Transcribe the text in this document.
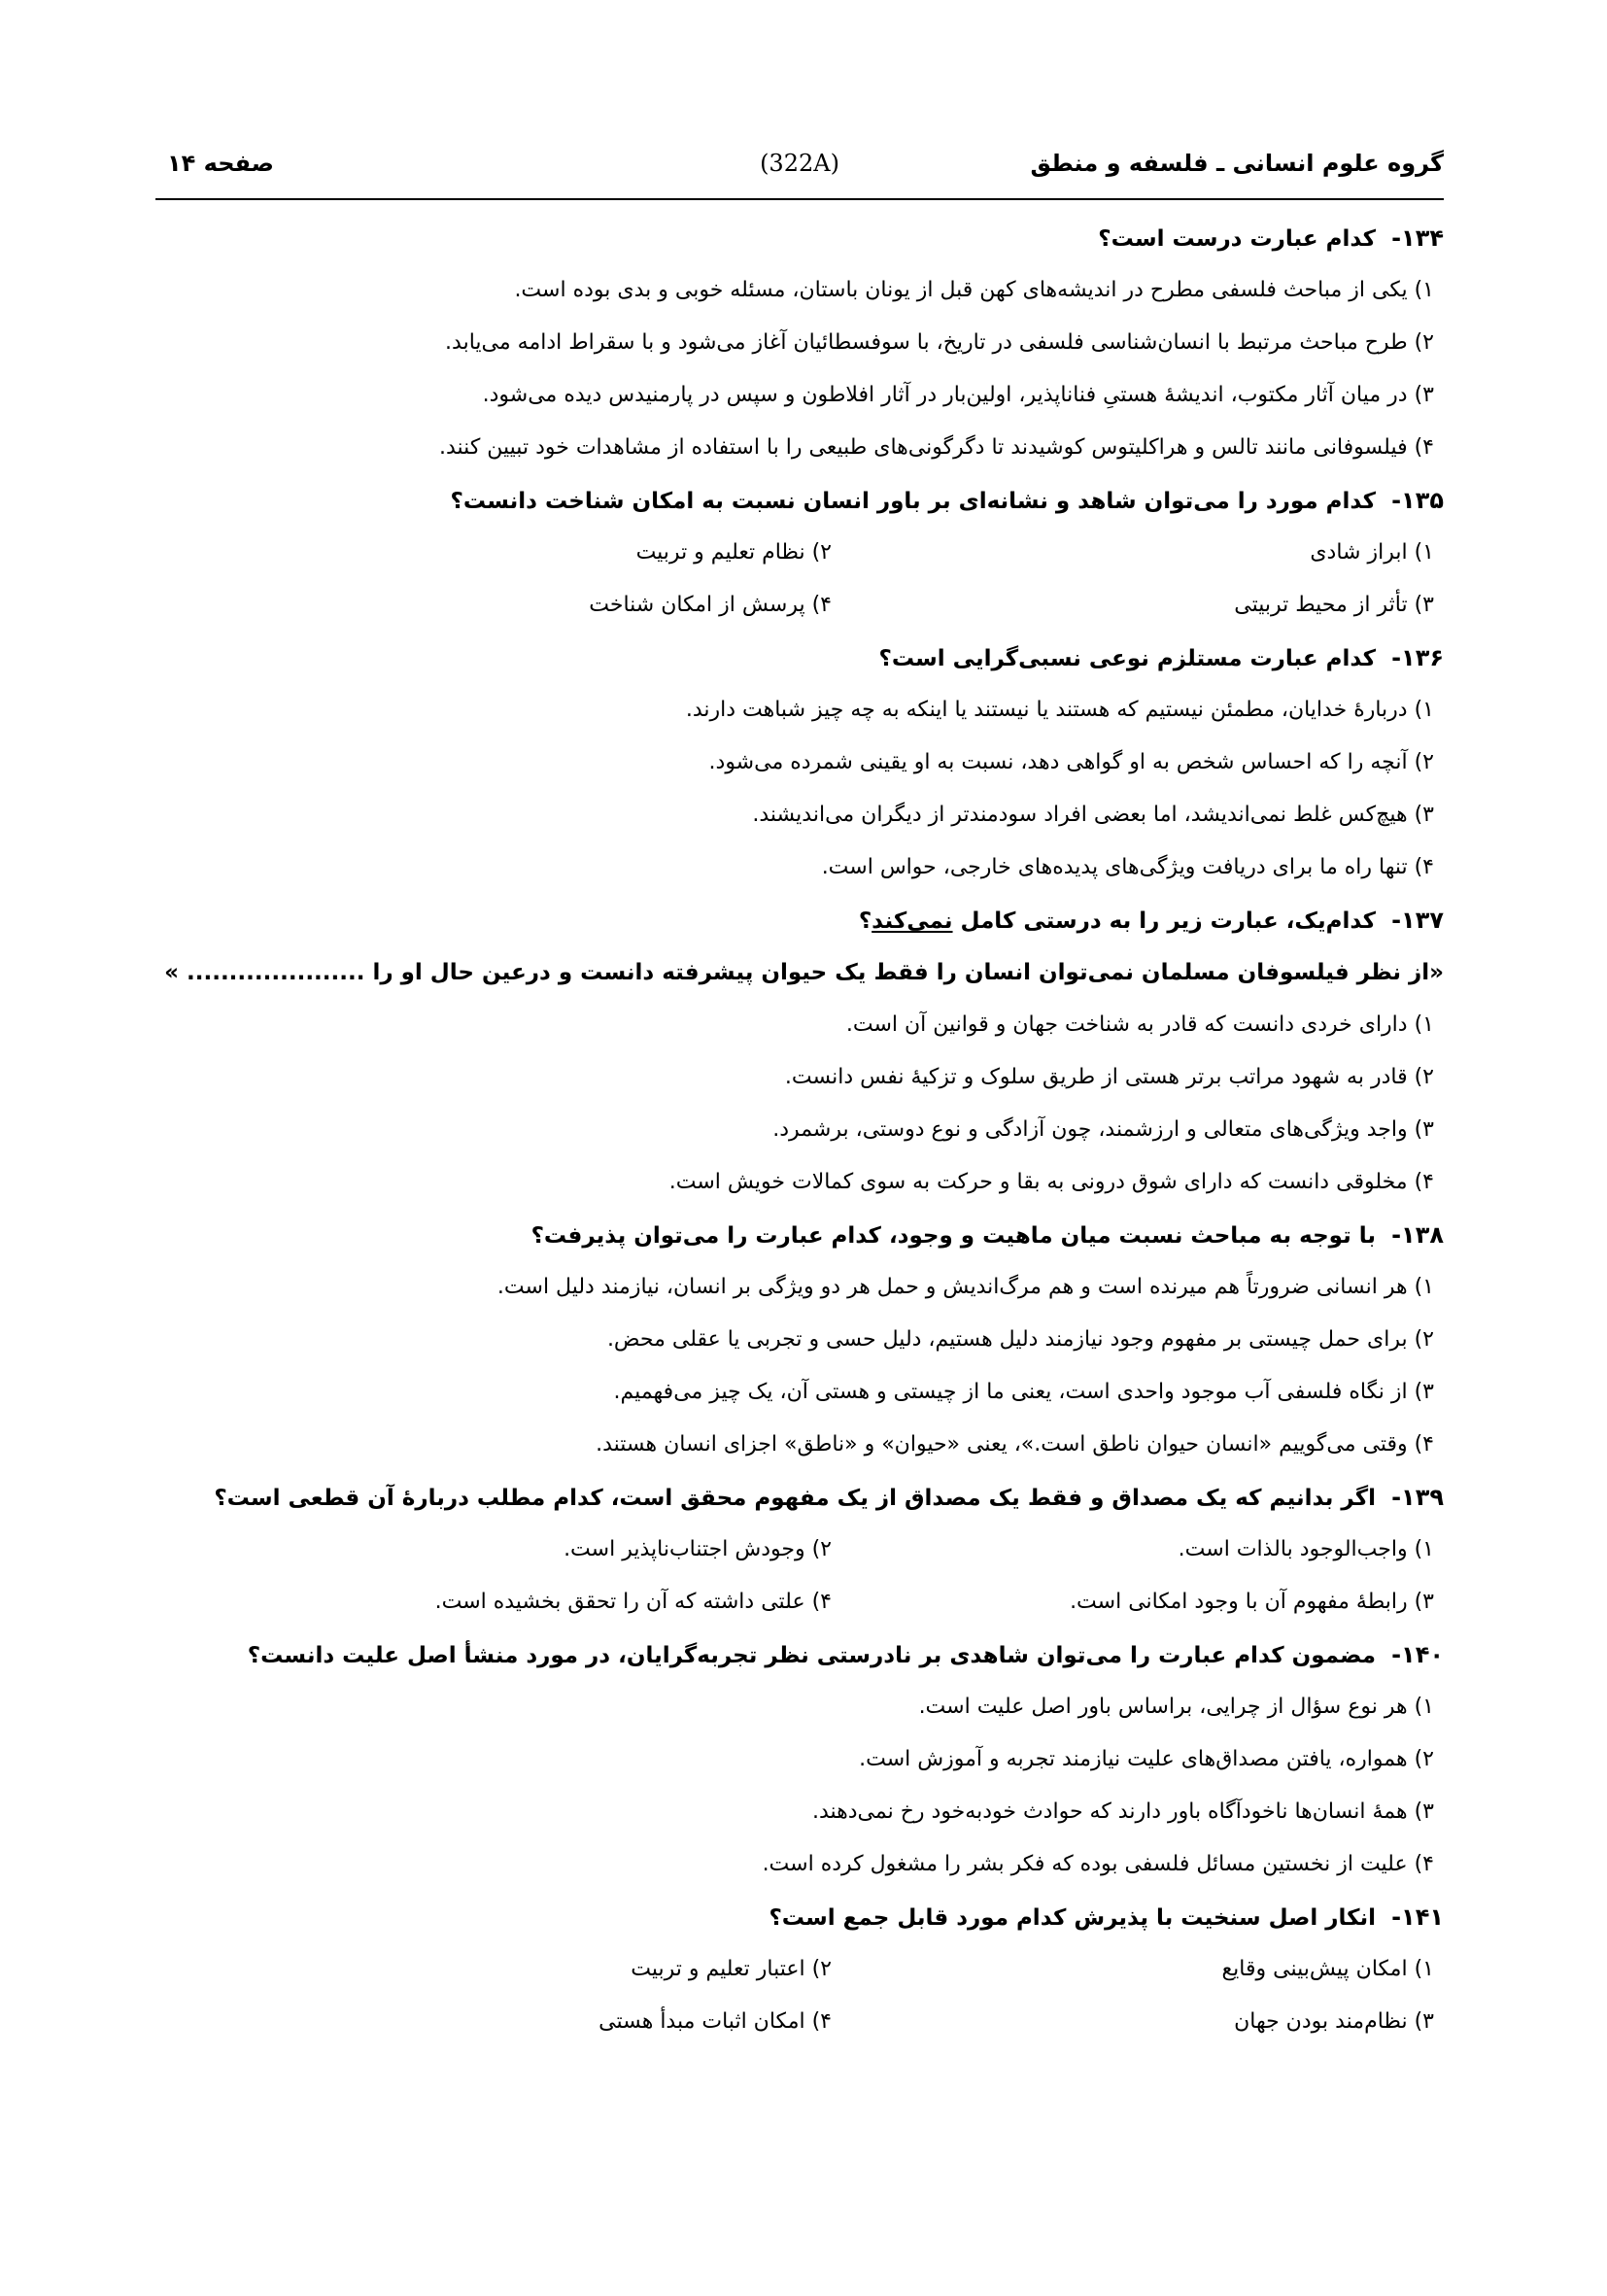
گروه علوم انسانی ـ فلسفه و منطق
(322A)
صفحه ۱۴
۱۳۴-
کدام عبارت درست است؟
۱) یکی از مباحث فلسفی مطرح در اندیشه‌های کهن قبل از یونان باستان، مسئله خوبی و بدی بوده است.
۲) طرح مباحث مرتبط با انسان‌شناسی فلسفی در تاریخ، با سوفسطائیان آغاز می‌شود و با سقراط ادامه می‌یابد.
۳) در میان آثار مکتوب، اندیشهٔ هستیِ فناناپذیر، اولین‌بار در آثار افلاطون و سپس در پارمنیدس دیده می‌شود.
۴) فیلسوفانی مانند تالس و هراکلیتوس کوشیدند تا دگرگونی‌های طبیعی را با استفاده از مشاهدات خود تبیین کنند.
۱۳۵-
کدام مورد را می‌توان شاهد و نشانه‌ای بر باور انسان نسبت به امکان شناخت دانست؟
۱) ابراز شادی
۲) نظام تعلیم و تربیت
۳) تأثر از محیط تربیتی
۴) پرسش از امکان شناخت
۱۳۶-
کدام عبارت مستلزم نوعی نسبی‌گرایی است؟
۱) دربارهٔ خدایان، مطمئن نیستیم که هستند یا نیستند یا اینکه به چه چیز شباهت دارند.
۲) آنچه را که احساس شخص به او گواهی دهد، نسبت به او یقینی شمرده می‌شود.
۳) هیچ‌کس غلط نمی‌اندیشد، اما بعضی افراد سودمندتر از دیگران می‌اندیشند.
۴) تنها راه ما برای دریافت ویژگی‌های پدیده‌های خارجی، حواس است.
۱۳۷-
کدام‌یک، عبارت زیر را به درستی کامل نمی‌کند؟
«از نظر فیلسوفان مسلمان نمی‌توان انسان را فقط یک حیوان پیشرفته دانست و درعین حال او را ..................... »
۱) دارای خردی دانست که قادر به شناخت جهان و قوانین آن است.
۲) قادر به شهود مراتب برتر هستی از طریق سلوک و تزکیهٔ نفس دانست.
۳) واجد ویژگی‌های متعالی و ارزشمند، چون آزادگی و نوع دوستی، برشمرد.
۴) مخلوقی دانست که دارای شوق درونی به بقا و حرکت به سوی کمالات خویش است.
۱۳۸-
با توجه به مباحث نسبت میان ماهیت و وجود، کدام عبارت را می‌توان پذیرفت؟
۱) هر انسانی ضرورتاً هم میرنده است و هم مرگ‌اندیش و حمل هر دو ویژگی بر انسان، نیازمند دلیل است.
۲) برای حمل چیستی بر مفهوم وجود نیازمند دلیل هستیم، دلیل حسی و تجربی یا عقلی محض.
۳) از نگاه فلسفی آب موجود واحدی است، یعنی ما از چیستی و هستی آن، یک چیز می‌فهمیم.
۴) وقتی می‌گوییم «انسان حیوان ناطق است.»، یعنی «حیوان» و «ناطق» اجزای انسان هستند.
۱۳۹-
اگر بدانیم که یک مصداق و فقط یک مصداق از یک مفهوم محقق است، کدام مطلب دربارهٔ آن قطعی است؟
۱) واجب‌الوجود بالذات است.
۲) وجودش اجتناب‌ناپذیر است.
۳) رابطهٔ مفهوم آن با وجود امکانی است.
۴) علتی داشته که آن را تحقق بخشیده است.
۱۴۰-
مضمون کدام عبارت را می‌توان شاهدی بر نادرستی نظر تجربه‌گرایان، در مورد منشأ اصل علیت دانست؟
۱) هر نوع سؤال از چرایی، براساس باور اصل علیت است.
۲) همواره، یافتن مصداق‌های علیت نیازمند تجربه و آموزش است.
۳) همهٔ انسان‌ها ناخودآگاه باور دارند که حوادث خودبه‌خود رخ نمی‌دهند.
۴) علیت از نخستین مسائل فلسفی بوده که فکر بشر را مشغول کرده است.
۱۴۱-
انکار اصل سنخیت با پذیرش کدام مورد قابل جمع است؟
۱) امکان پیش‌بینی وقایع
۲) اعتبار تعلیم و تربیت
۳) نظام‌مند بودن جهان
۴) امکان اثبات مبدأ هستی
